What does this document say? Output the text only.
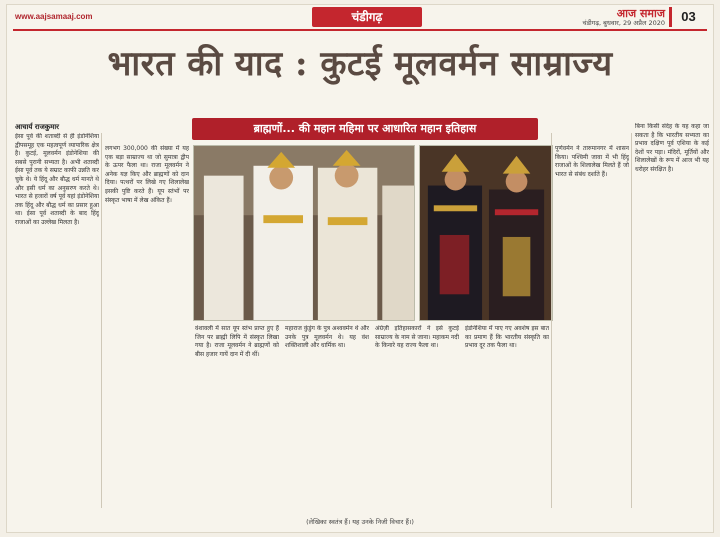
www.aajsamaaj.com	चंडीगढ़	आज समाज
चंडीगढ़, बुधवार, 29 अप्रैल 2020	03
भारत की याद : कुटई मूलवर्मन साम्राज्य
ब्राह्मणों... की महान महिमा पर आधारित महान इतिहास
आचार्य राजकुमार
ईसा पूर्व की शताब्दी से ही इंडोनेशिया द्वीपसमूह एक महत्वपूर्ण व्यापारिक क्षेत्र है। कुटई, मूलवर्मन इंडोनेशिया की सबसे पुरानी सभ्यता है। अभी शताब्दी ईसा पूर्व तक ये सम्राट काफी उन्नति कर चुके थे। ये हिंदू और बौद्ध धर्म मानते थे और इसी धर्म का अनुसरण करते थे। भारत से हजारों वर्ष पूर्व यहां इंडोनेशिया तक हिंदू और बौद्ध धर्म का प्रसार हुआ था। ईसा पूर्व शताब्दी के बाद हिंदू राजाओं का उल्लेख मिलता है।
लगभग 300,000 की संख्या में यह एक बड़ा साम्राज्य था जो सुमात्रा द्वीप के ऊपर फैला था। राजा मूलवर्मन ने अनेक यज्ञ किए और ब्राह्मणों को दान दिया। पत्थरों पर लिखे गए शिलालेख इसकी पुष्टि करते हैं। यूप स्तंभों पर संस्कृत भाषा में लेख अंकित हैं।
वंशावली में सात यूप स्तंभ प्राप्त हुए हैं जिन पर ब्राह्मी लिपि में संस्कृत लिखा गया है। राजा मूलवर्मन ने ब्राह्मणों को बीस हजार गायें दान में दी थीं।
महाराज कुंडुंग के पुत्र अश्ववर्मन थे और उनके पुत्र मूलवर्मन थे। यह वंश शक्तिशाली और धार्मिक था।
अंग्रेज़ी इतिहासकारों ने इसे कुटई साम्राज्य के नाम से जाना। महाकम नदी के किनारे यह राज्य फैला था।
इंडोनेशिया में पाए गए अवशेष इस बात का प्रमाण हैं कि भारतीय संस्कृति का प्रभाव दूर तक फैला था।
पूर्णवर्मन ने तारुमानगर में शासन किया। पश्चिमी जावा में भी हिंदू राजाओं के शिलालेख मिलते हैं जो भारत से संबंध दर्शाते हैं।
बिना किसी संदेह के यह कहा जा सकता है कि भारतीय सभ्यता का प्रभाव दक्षिण पूर्व एशिया के कई देशों पर पड़ा। मंदिरों, मूर्तियों और शिलालेखों के रूप में आज भी यह धरोहर संरक्षित है।
(लेखिका स्वतंत्र हैं। यह उनके निजी विचार हैं।)
